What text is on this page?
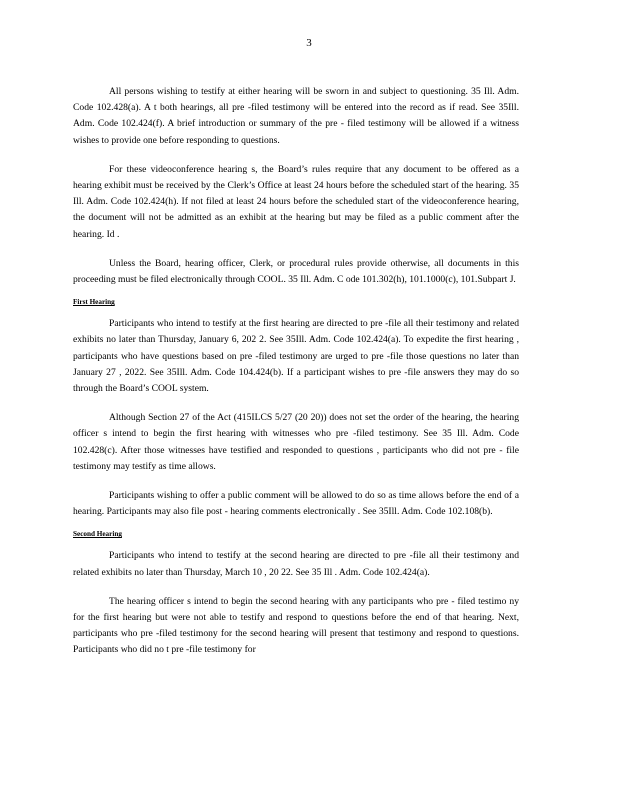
3

All persons wishing to testify at either hearing will be sworn in and subject to questioning. 35 Ill. Adm. Code 102.428(a). A t both hearings, all pre -filed testimony will be entered into the record as if read. See 35Ill. Adm. Code 102.424(f). A brief introduction or summary of the pre - filed testimony will be allowed if a witness wishes to provide one before responding to questions.

For these videoconference hearing s, the Board’s rules require that any document to be offered as a hearing exhibit must be received by the Clerk’s Office at least 24 hours before the scheduled start of the hearing. 35 Ill. Adm. Code 102.424(h). If not filed at least 24 hours before the scheduled start of the videoconference hearing, the document will not be admitted as an exhibit at the hearing but may be filed as a public comment after the hearing. Id .

Unless the Board, hearing officer, Clerk, or procedural rules provide otherwise, all documents in this proceeding must be filed electronically through COOL. 35 Ill. Adm. C ode 101.302(h), 101.1000(c), 101.Subpart J.

First Hearing

Participants who intend to testify at the first hearing are directed to pre -file all their testimony and related exhibits no later than Thursday, January 6, 202 2. See 35Ill. Adm. Code 102.424(a). To expedite the first hearing , participants who have questions based on pre -filed testimony are urged to pre -file those questions no later than January 27 , 2022. See 35Ill. Adm. Code 104.424(b). If a participant wishes to pre -file answers they may do so through the Board’s COOL system.

Although Section 27 of the Act (415ILCS 5/27 (20 20)) does not set the order of the hearing, the hearing officer s intend to begin the first hearing with witnesses who pre -filed testimony. See 35 Ill. Adm. Code 102.428(c). After those witnesses have testified and responded to questions , participants who did not pre - file testimony may testify as time allows.

Participants wishing to offer a public comment will be allowed to do so as time allows before the end of a hearing. Participants may also file post - hearing comments electronically . See 35Ill. Adm. Code 102.108(b).

Second Hearing

Participants who intend to testify at the second hearing are directed to pre -file all their testimony and related exhibits no later than Thursday, March 10 , 20 22. See 35 Ill . Adm. Code 102.424(a).

The hearing officer s intend to begin the second hearing with any participants who pre - filed testimo ny for the first hearing but were not able to testify and respond to questions before the end of that hearing. Next, participants who pre -filed testimony for the second hearing will present that testimony and respond to questions. Participants who did no t pre -file testimony for
